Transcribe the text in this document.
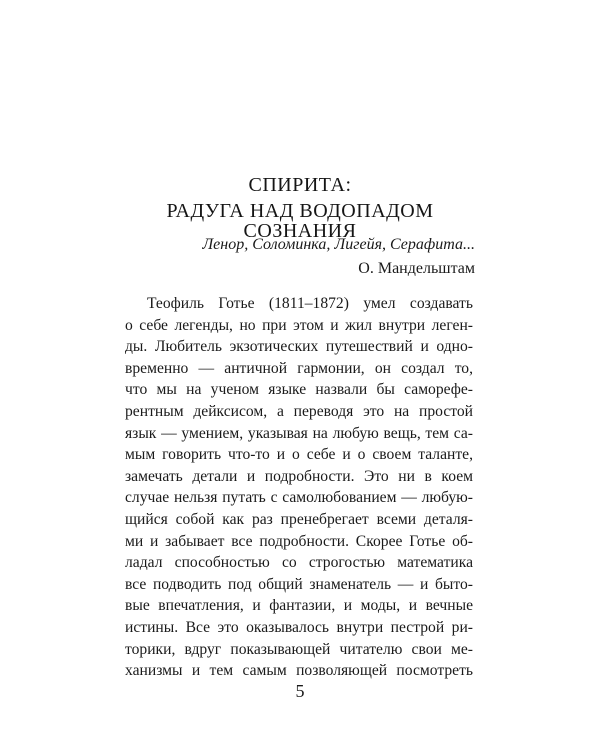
СПИРИТА:
РАДУГА НАД ВОДОПАДОМ СОЗНАНИЯ
Ленор, Соломинка, Лигейя, Серафита...
О. Мандельштам
Теофиль Готье (1811–1872) умел создавать
о себе легенды, но при этом и жил внутри леген-
ды. Любитель экзотических путешествий и одно-
временно — античной гармонии, он создал то,
что мы на ученом языке назвали бы саморефе-
рентным дейксисом, а переводя это на простой
язык — умением, указывая на любую вещь, тем са-
мым говорить что-то и о себе и о своем таланте,
замечать детали и подробности. Это ни в коем
случае нельзя путать с самолюбованием — любую-
щийся собой как раз пренебрегает всеми деталя-
ми и забывает все подробности. Скорее Готье об-
ладал способностью со строгостью математика
все подводить под общий знаменатель — и быто-
вые впечатления, и фантазии, и моды, и вечные
истины. Все это оказывалось внутри пестрой ри-
торики, вдруг показывающей читателю свои ме-
ханизмы и тем самым позволяющей посмотреть
5
